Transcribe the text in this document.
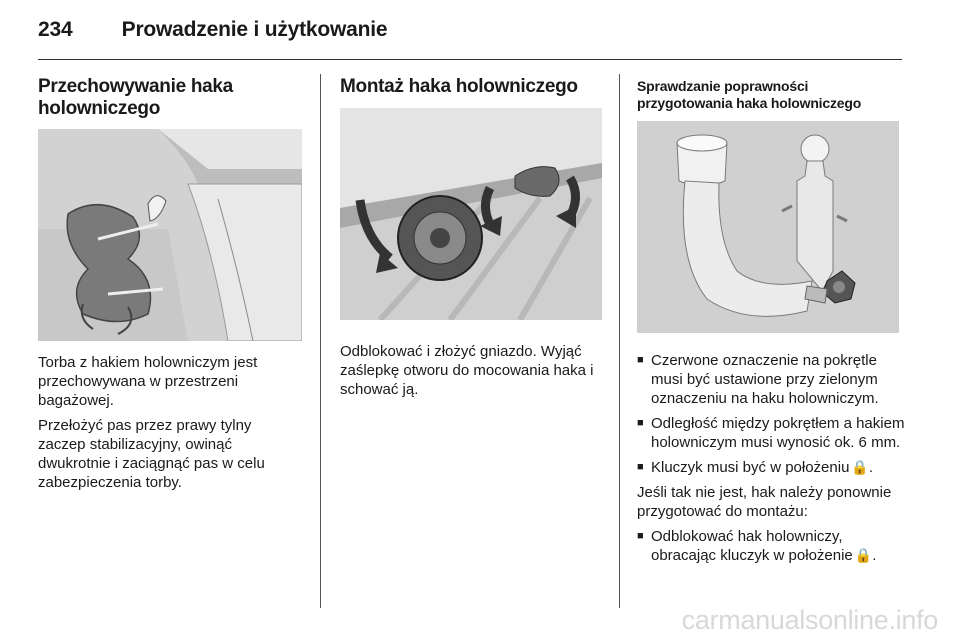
234 Prowadzenie i użytkowanie
Przechowywanie haka holowniczego

Torba z hakiem holowniczym jest przechowywana w przestrzeni bagażowej.

Przełożyć pas przez prawy tylny zaczep stabilizacyjny, owinąć dwukrotnie i zaciągnąć pas w celu zabezpieczenia torby.

Montaż haka holowniczego

Odblokować i złożyć gniazdo. Wyjąć zaślepkę otworu do mocowania haka i schować ją.

Sprawdzanie poprawności przygotowania haka holowniczego
■ Czerwone oznaczenie na pokrętle musi być ustawione przy zielonym oznaczeniu na haku holowniczym.
■ Odległość między pokrętłem a hakiem holowniczym musi wynosić ok. 6 mm.
■ Kluczyk musi być w położeniu 🔒.

Jeśli tak nie jest, hak należy ponownie przygotować do montażu:

■ Odblokować hak holowniczy, obracając kluczyk w położenie 🔒.
carmanualsonline.info
